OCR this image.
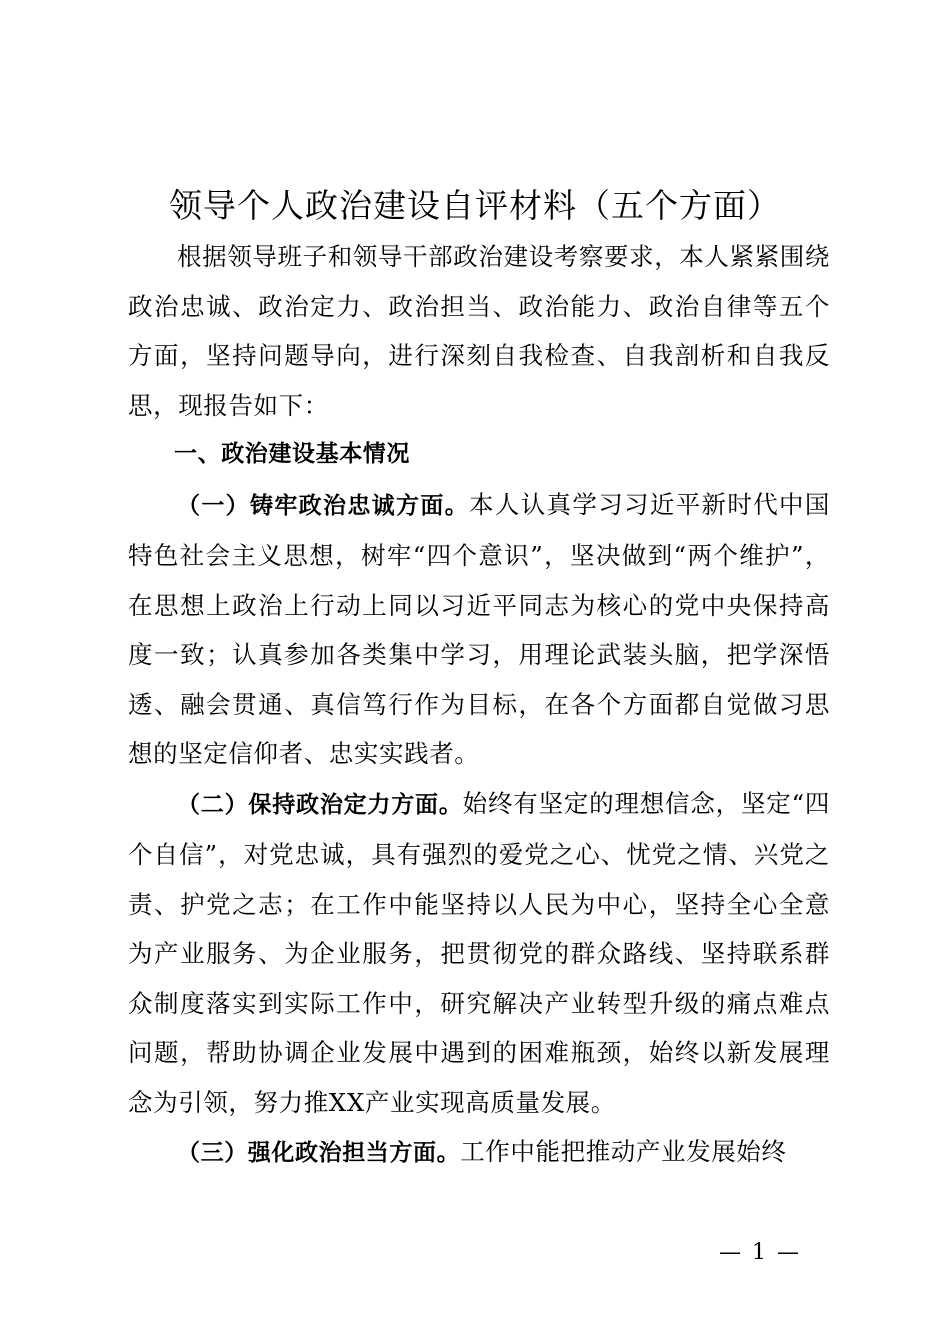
领导个人政治建设自评材料（五个方面）

根据领导班子和领导干部政治建设考察要求，本人紧紧围绕政治忠诚、政治定力、政治担当、政治能力、政治自律等五个方面，坚持问题导向，进行深刻自我检查、自我剖析和自我反思，现报告如下：

一、政治建设基本情况

（一）铸牢政治忠诚方面。本人认真学习习近平新时代中国特色社会主义思想，树牢“四个意识”，坚决做到“两个维护”，在思想上政治上行动上同以习近平同志为核心的党中央保持高度一致；认真参加各类集中学习，用理论武装头脑，把学深悟透、融会贯通、真信笃行作为目标，在各个方面都自觉做习思想的坚定信仰者、忠实实践者。

（二）保持政治定力方面。始终有坚定的理想信念，坚定“四个自信”，对党忠诚，具有强烈的爱党之心、忧党之情、兴党之责、护党之志；在工作中能坚持以人民为中心，坚持全心全意为产业服务、为企业服务，把贯彻党的群众路线、坚持联系群众制度落实到实际工作中，研究解决产业转型升级的痛点难点问题，帮助协调企业发展中遇到的困难瓶颈，始终以新发展理念为引领，努力推XX产业实现高质量发展。

（三）强化政治担当方面。工作中能把推动产业发展始终

— 1 —
